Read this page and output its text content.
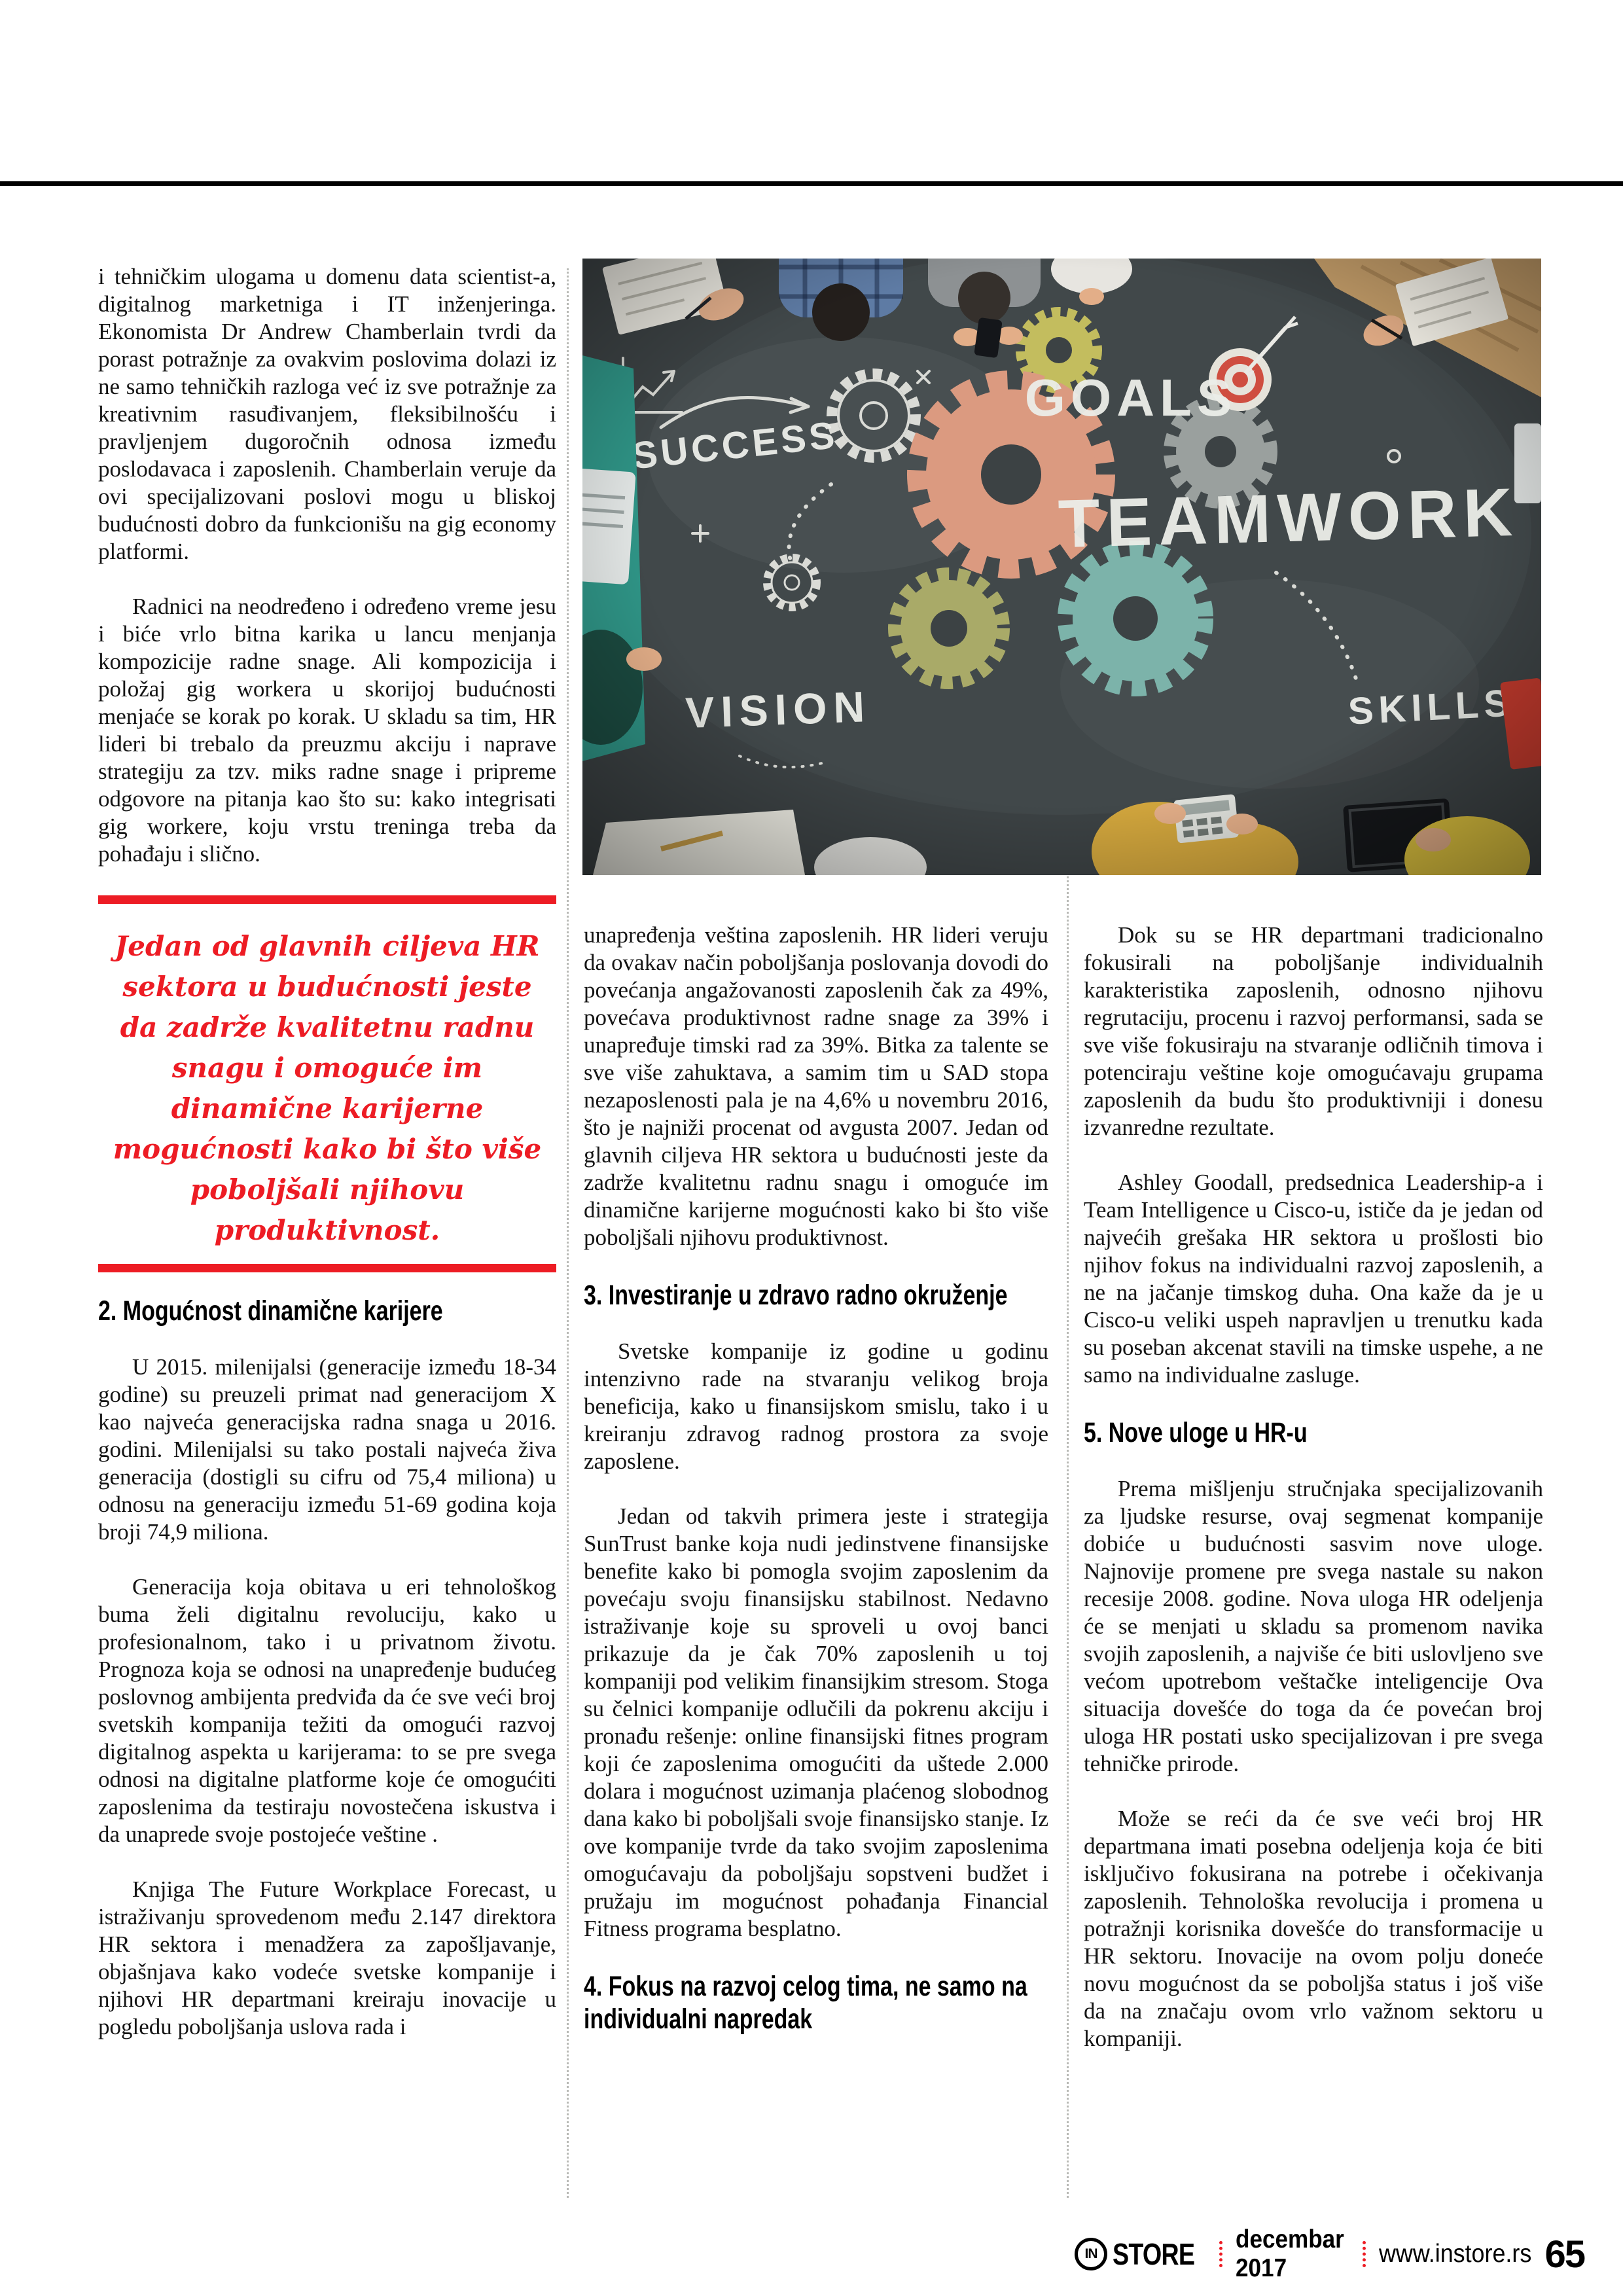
i tehničkim ulogama u domenu data scientist-a, digitalnog marketniga i IT inženjeringa. Ekonomista Dr Andrew Chamberlain tvrdi da porast potražnje za ovakvim poslovima dolazi iz ne samo tehničkih razloga već iz sve potražnje za kreativnim rasuđivanjem, fleksibilnošću i pravljenjem dugoročnih odnosa između poslodavaca i zaposlenih. Chamberlain veruje da ovi specijalizovani poslovi mogu u bliskoj budućnosti dobro da funkcionišu na gig economy platformi.

Radnici na neodređeno i određeno vreme jesu i biće vrlo bitna karika u lancu menjanja kompozicije radne snage. Ali kompozicija i položaj gig workera u skorijoj budućnosti menjaće se korak po korak. U skladu sa tim, HR lideri bi trebalo da preuzmu akciju i naprave strategiju za tzv. miks radne snage i pripreme odgovore na pitanja kao što su: kako integrisati gig workere, koju vrstu treninga treba da pohađaju i slično.

Jedan od glavnih ciljeva HR sektora u budućnosti jeste da zadrže kvalitetnu radnu snagu i omoguće im dinamične karijerne mogućnosti kako bi što više poboljšali njihovu produktivnost.
2. Mogućnost dinamične karijere

U 2015. milenijalsi (generacije između 18-34 godine) su preuzeli primat nad generacijom X kao najveća generacijska radna snaga u 2016. godini. Milenijalsi su tako postali najveća živa generacija (dostigli su cifru od 75,4 miliona) u odnosu na generaciju između 51-69 godina koja broji 74,9 miliona.

Generacija koja obitava u eri tehnološkog buma želi digitalnu revoluciju, kako u profesionalnom, tako i u privatnom životu. Prognoza koja se odnosi na unapređenje budućeg poslovnog ambijenta predviđa da će sve veći broj svetskih kompanija težiti da omogući razvoj digitalnog aspekta u karijerama: to se pre svega odnosi na digitalne platforme koje će omogućiti zaposlenima da testiraju novostečena iskustva i da unaprede svoje postojeće veštine .

Knjiga The Future Workplace Forecast, u istraživanju sprovedenom među 2.147 direktora HR sektora i menadžera za zapošljavanje, objašnjava kako vodeće svetske kompanije i njihovi HR departmani kreiraju inovacije u pogledu poboljšanja uslova rada i

unapređenja veština zaposlenih. HR lideri veruju da ovakav način poboljšanja poslovanja dovodi do povećanja angažovanosti zaposlenih čak za 49%, povećava produktivnost radne snage za 39% i unapređuje timski rad za 39%. Bitka za talente se sve više zahuktava, a samim tim u SAD stopa nezaposlenosti pala je na 4,6% u novembru 2016, što je najniži procenat od avgusta 2007. Jedan od glavnih ciljeva HR sektora u budućnosti jeste da zadrže kvalitetnu radnu snagu i omoguće im dinamične karijerne mogućnosti kako bi što više poboljšali njihovu produktivnost.

3. Investiranje u zdravo radno okruženje

Svetske kompanije iz godine u godinu intenzivno rade na stvaranju velikog broja beneficija, kako u finansijskom smislu, tako i u kreiranju zdravog radnog prostora za svoje zaposlene.

Jedan od takvih primera jeste i strategija SunTrust banke koja nudi jedinstvene finansijske benefite kako bi pomogla svojim zaposlenim da povećaju svoju finansijsku stabilnost. Nedavno istraživanje koje su sproveli u ovoj banci prikazuje da je čak 70% zaposlenih u toj kompaniji pod velikim finansijkim stresom. Stoga su čelnici kompanije odlučili da pokrenu akciju i pronađu rešenje: online finansijski fitnes program koji će zaposlenima omogućiti da uštede 2.000 dolara i mogućnost uzimanja plaćenog slobodnog dana kako bi poboljšali svoje finansijsko stanje. Iz ove kompanije tvrde da tako svojim zaposlenima omogućavaju da poboljšaju sopstveni budžet i pružaju im mogućnost pohađanja Financial Fitness programa besplatno.

4. Fokus na razvoj celog tima, ne samo na individualni napredak

Dok su se HR departmani tradicionalno fokusirali na poboljšanje individualnih karakteristika zaposlenih, odnosno njihovu regrutaciju, procenu i razvoj performansi, sada se sve više fokusiraju na stvaranje odličnih timova i potenciraju veštine koje omogućavaju grupama zaposlenih da budu što produktivniji i donesu izvanredne rezultate.

Ashley Goodall, predsednica Leadership-a i Team Intelligence u Cisco-u, ističe da je jedan od najvećih grešaka HR sektora u prošlosti bio njihov fokus na individualni razvoj zaposlenih, a ne na jačanje timskog duha. Ona kaže da je u Cisco-u veliki uspeh napravljen u trenutku kada su poseban akcenat stavili na timske uspehe, a ne samo na individualne zasluge.

5. Nove uloge u HR-u

Prema mišljenju stručnjaka specijalizovanih za ljudske resurse, ovaj segmenat kompanije dobiće u budućnosti sasvim nove uloge. Najnovije promene pre svega nastale su nakon recesije 2008. godine. Nova uloga HR odeljenja će se menjati u skladu sa promenom navika svojih zaposlenih, a najviše će biti uslovljeno sve većom upotrebom veštačke inteligencije Ova situacija dovešće do toga da će povećan broj uloga HR postati usko specijalizovan i pre svega tehničke prirode.

Može se reći da će sve veći broj HR departmana imati posebna odeljenja koja će biti isključivo fokusirana na potrebe i očekivanja zaposlenih. Tehnološka revolucija i promena u potražnji korisnika dovešće do transformacije u HR sektoru. Inovacije na ovom polju doneće novu mogućnost da se poboljša status i još više da na značaju ovom vrlo važnom sektoru u kompaniji.

IN STORE decembar 2017
www.instore.rs 65
